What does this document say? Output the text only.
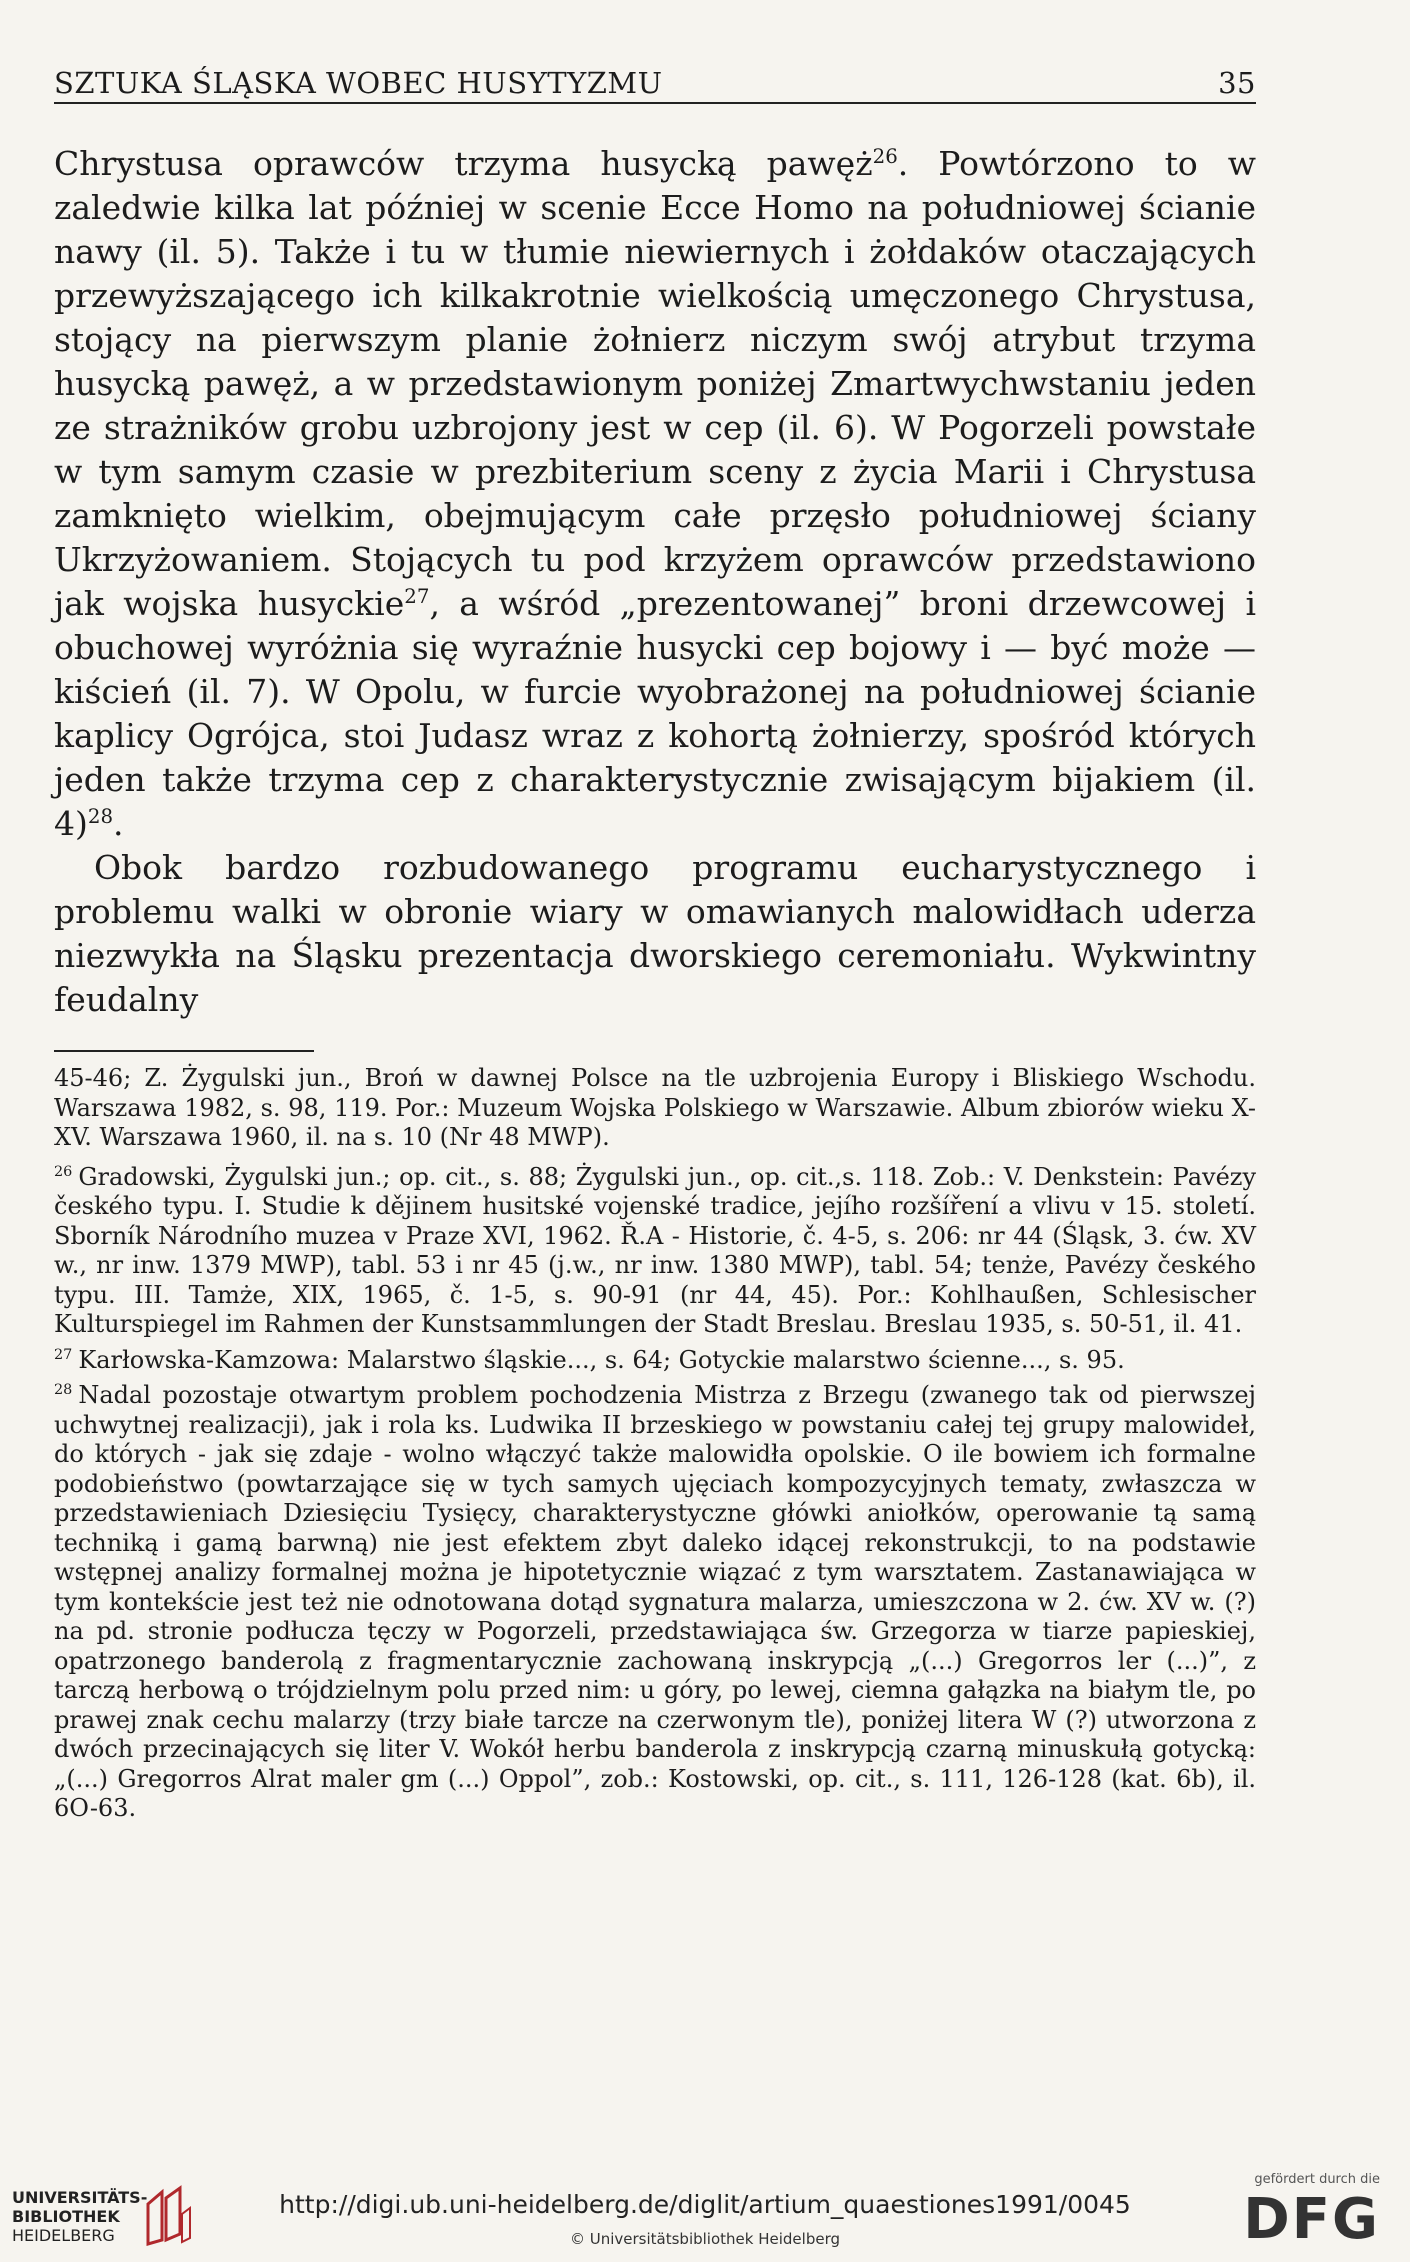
SZTUKA ŚLĄSKA WOBEC HUSYTYZMU	35

Chrystusa oprawców trzyma husycką pawęż$^{26}$. Powtórzono to w zaledwie kilka lat później w scenie Ecce Homo na południowej ścianie nawy (il. 5). Także i tu w tłumie niewiernych i żołdaków otaczających przewyższającego ich kilkakrotnie wielkością umęczonego Chrystusa, stojący na pierwszym planie żołnierz niczym swój atrybut trzyma husycką pawęż, a w przedstawionym poniżej Zmartwychwstaniu jeden ze strażników grobu uzbrojony jest w cep (il. 6). W Pogorzeli powstałe w tym samym czasie w prezbiterium sceny z życia Marii i Chrystusa zamknięto wielkim, obejmującym całe przęsło południowej ściany Ukrzyżowaniem. Stojących tu pod krzyżem oprawców przedstawiono jak wojska husyckie$^{27}$, a wśród „prezentowanej” broni drzewcowej i obuchowej wyróżnia się wyraźnie husycki cep bojowy i — być może — kiścień (il. 7). W Opolu, w furcie wyobrażonej na południowej ścianie kaplicy Ogrójca, stoi Judasz wraz z kohortą żołnierzy, spośród których jeden także trzyma cep z charakterystycznie zwisającym bijakiem (il. 4)$^{28}$.

Obok bardzo rozbudowanego programu eucharystycznego i problemu walki w obronie wiary w omawianych malowidłach uderza niezwykła na Śląsku prezentacja dworskiego ceremoniału. Wykwintny feudalny

45-46; Z. Żygulski jun., Broń w dawnej Polsce na tle uzbrojenia Europy i Bliskiego Wschodu. Warszawa 1982, s. 98, 119. Por.: Muzeum Wojska Polskiego w Warszawie. Album zbiorów wieku X-XV. Warszawa 1960, il. na s. 10 (Nr 48 MWP).

$^{26}$ Gradowski, Żygulski jun.; op. cit., s. 88; Żygulski jun., op. cit.,s. 118. Zob.: V. Denkstein: Pavézy českého typu. I. Studie k dějinem husitské vojenské tradice, jejího rozšíření a vlivu v 15. století. Sborník Národního muzea v Praze XVI, 1962. Ř.A - Historie, č. 4-5, s. 206: nr 44 (Śląsk, 3. ćw. XV w., nr inw. 1379 MWP), tabl. 53 i nr 45 (j.w., nr inw. 1380 MWP), tabl. 54; tenże, Pavézy českého typu. III. Tamże, XIX, 1965, č. 1-5, s. 90-91 (nr 44, 45). Por.: Kohlhaußen, Schlesischer Kulturspiegel im Rahmen der Kunstsammlungen der Stadt Breslau. Breslau 1935, s. 50-51, il. 41.

$^{27}$ Karłowska-Kamzowa: Malarstwo śląskie..., s. 64; Gotyckie malarstwo ścienne..., s. 95.

$^{28}$ Nadal pozostaje otwartym problem pochodzenia Mistrza z Brzegu (zwanego tak od pierwszej uchwytnej realizacji), jak i rola ks. Ludwika II brzeskiego w powstaniu całej tej grupy malowideł, do których - jak się zdaje - wolno włączyć także malowidła opolskie. O ile bowiem ich formalne podobieństwo (powtarzające się w tych samych ujęciach kompozycyjnych tematy, zwłaszcza w przedstawieniach Dziesięciu Tysięcy, charakterystyczne główki aniołków, operowanie tą samą techniką i gamą barwną) nie jest efektem zbyt daleko idącej rekonstrukcji, to na podstawie wstępnej analizy formalnej można je hipotetycznie wiązać z tym warsztatem. Zastanawiająca w tym kontekście jest też nie odnotowana dotąd sygnatura malarza, umieszczona w 2. ćw. XV w. (?) na pd. stronie podłucza tęczy w Pogorzeli, przedstawiająca św. Grzegorza w tiarze papieskiej, opatrzonego banderolą z fragmentarycznie zachowaną inskrypcją „(...) Gregorros ler (...)”, z tarczą herbową o trójdzielnym polu przed nim: u góry, po lewej, ciemna gałązka na białym tle, po prawej znak cechu malarzy (trzy białe tarcze na czerwonym tle), poniżej litera W (?) utworzona z dwóch przecinających się liter V. Wokół herbu banderola z inskrypcją czarną minuskułą gotycką: „(...) Gregorros Alrat maler gm (...) Oppol”, zob.: Kostowski, op. cit., s. 111, 126-128 (kat. 6b), il. 6O-63.

UNIVERSITÄTS-
BIBLIOTHEK
HEIDELBERG
http://digi.ub.uni-heidelberg.de/diglit/artium_quaestiones1991/0045
© Universitätsbibliothek Heidelberg
gefördert durch die
DFG
